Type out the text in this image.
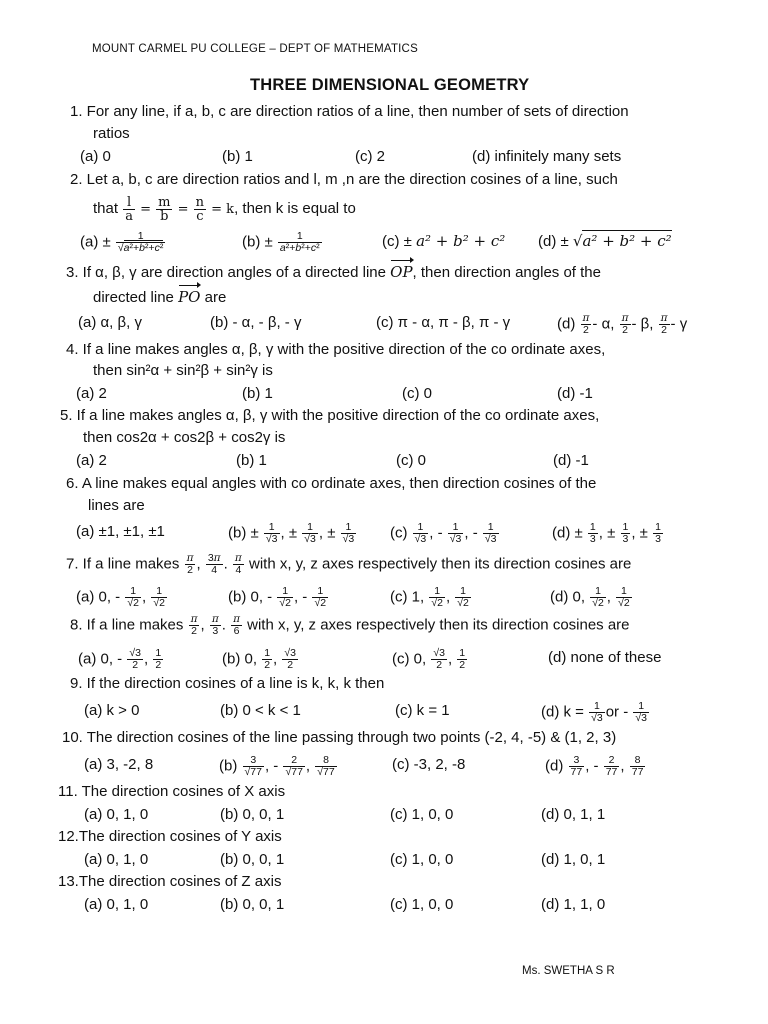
MOUNT CARMEL PU COLLEGE – DEPT OF MATHEMATICS
THREE DIMENSIONAL GEOMETRY
1. For any line, if a, b, c are direction ratios of a line, then number of sets of direction
ratios
(a) 0	(b) 1	(c) 2	(d) infinitely many sets
2. Let a, b, c are direction ratios and l, m ,n are the direction cosines of a line, such
that $\frac{l}{a} = \frac{m}{b} = \frac{n}{c} = k$, then k is equal to
$(a) \pm \frac{1}{\text{√a²+b²+c²}}$	$(b) \pm \frac{1}{\text{a²+b²+c²}}$	(c) ± a² + b² + c² (d) ± √a² + b² + c²
3. If α, β, γ are direction angles of a directed line OP, then direction angles of the
directed line PO are
(a) α, β, γ	(b) - α, - β, - γ	(c) π - α, π - β, π - γ	$(d) \frac{\pi}{2}$ - α, $\frac{\pi}{2}$ - β, $\frac{\pi}{2}$ - γ
4. If a line makes angles α, β, γ with the positive direction of the co ordinate axes,
then sin²α + sin²β + sin²γ is
(a) 2	(b) 1	(c) 0	(d) -1
5. If a line makes angles α, β, γ with the positive direction of the co ordinate axes,
then cos2α + cos2β + cos2γ is
(a) 2	(b) 1	(c) 0	(d) -1
6. A line makes equal angles with co ordinate axes, then direction cosines of the
lines are
(a) ±1, ±1, ±1	$(b) \pm \frac{1}{√3}$ , ± $\frac{1}{√3}$ , ± $\frac{1}{√3} (c) \frac{1}{√3}$ , - $\frac{1}{√3}$ , - $\frac{1}{√3}$	$(d) \pm \frac{1}{3}$ , ± $\frac{1}{3}$ , ± $\frac{1}{3}$
7. If a line makes $\frac{\pi}{2}$ , $\frac{3\pi}{4}$ . $\frac{\pi}{4}$ with x, y, z axes respectively then its direction cosines are
(a) 0, - $\frac{1}{√2}$ , $\frac{1}{√2}$	(b) 0, - $\frac{1}{√2}$ , - $\frac{1}{√2}$	(c) 1, $\frac{1}{√2}$ , $\frac{1}{√2}$	(d) 0, $\frac{1}{√2}$ , $\frac{1}{√2}$
8. If a line makes $\frac{\pi}{2}$ , $\frac{\pi}{3}$ . $\frac{\pi}{6}$ with x, y, z axes respectively then its direction cosines are
(a) 0, - $\frac{√3}{2}$ , $\frac{1}{2}$	(b) 0, $\frac{1}{2}$ , $\frac{√3}{2}$	(c) 0, $\frac{√3}{2}$ , $\frac{1}{2}$	(d) none of these
9. If the direction cosines of a line is k, k, k then
(a) k > 0	(b) 0 < k < 1	(c) k = 1	(d) $k = \frac{1}{√3}$ or - $\frac{1}{√3}$
10. The direction cosines of the line passing through two points (-2, 4, -5) & (1, 2, 3)
(a) 3, -2, 8	$(b) \frac{3}{√77}$ , - $\frac{2}{√77}$ , $\frac{8}{√77}$	(c) -3, 2, -8	$(d) \frac{3}{77}$ , - $\frac{2}{77}$ , $\frac{8}{77}$
11. The direction cosines of X axis
(a) 0, 1, 0	(b) 0, 0, 1	(c) 1, 0, 0	(d) 0, 1, 1
12.The direction cosines of Y axis
(a) 0, 1, 0	(b) 0, 0, 1	(c) 1, 0, 0	(d) 1, 0, 1
13.The direction cosines of Z axis
(a) 0, 1, 0	(b) 0, 0, 1	(c) 1, 0, 0	(d) 1, 1, 0
Ms. SWETHA S R
